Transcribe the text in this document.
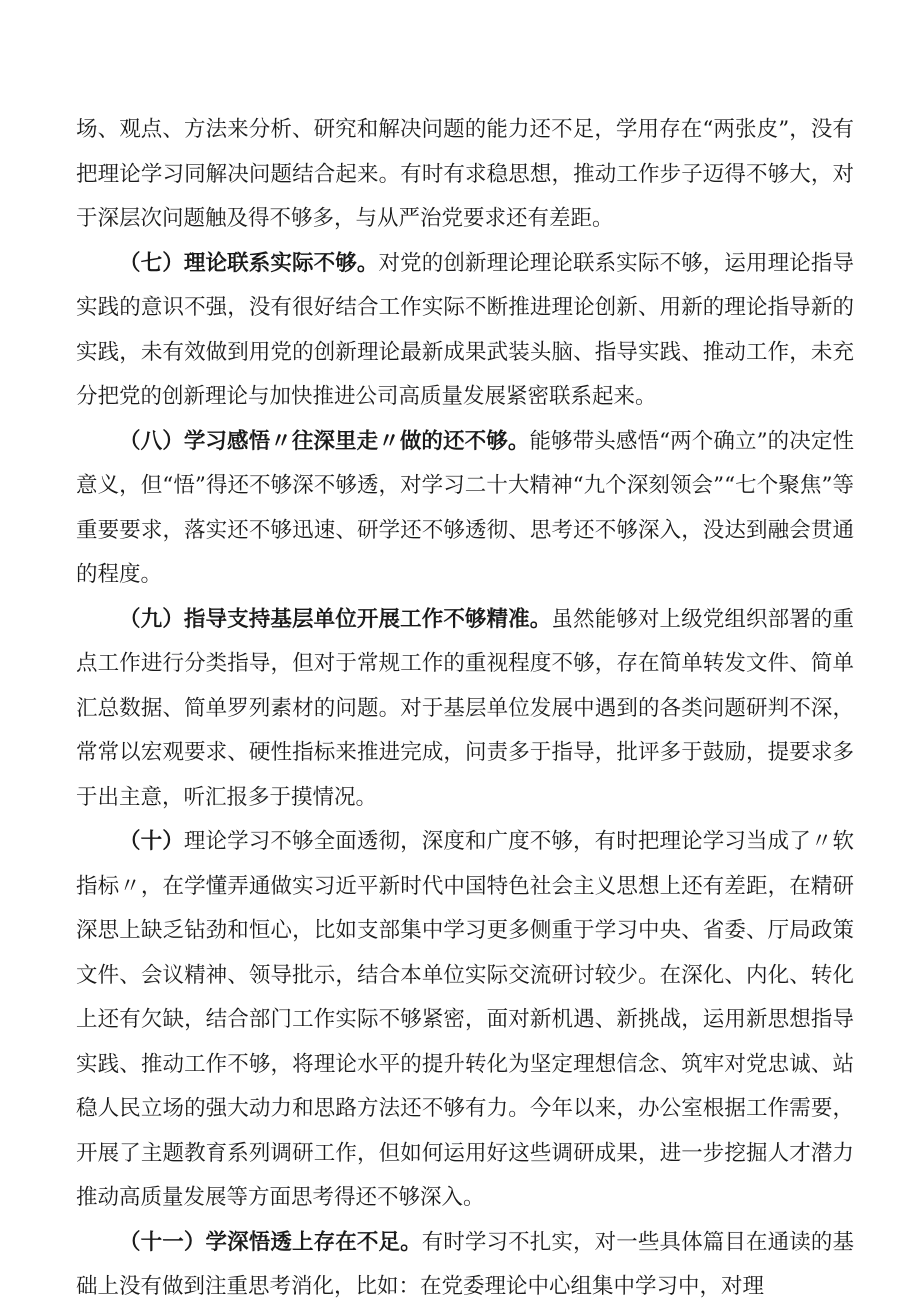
场、观点、方法来分析、研究和解决问题的能力还不足，学用存在“两张皮”，没有把理论学习同解决问题结合起来。有时有求稳思想，推动工作步子迈得不够大，对于深层次问题触及得不够多，与从严治党要求还有差距。

（七）理论联系实际不够。对党的创新理论理论联系实际不够，运用理论指导实践的意识不强，没有很好结合工作实际不断推进理论创新、用新的理论指导新的实践，未有效做到用党的创新理论最新成果武装头脑、指导实践、推动工作，未充分把党的创新理论与加快推进公司高质量发展紧密联系起来。

（八）学习感悟〃往深里走〃做的还不够。能够带头感悟“两个确立”的决定性意义，但“悟”得还不够深不够透，对学习二十大精神“九个深刻领会”“七个聚焦”等重要要求，落实还不够迅速、研学还不够透彻、思考还不够深入，没达到融会贯通的程度。

（九）指导支持基层单位开展工作不够精准。虽然能够对上级党组织部署的重点工作进行分类指导，但对于常规工作的重视程度不够，存在简单转发文件、简单汇总数据、简单罗列素材的问题。对于基层单位发展中遇到的各类问题研判不深，常常以宏观要求、硬性指标来推进完成，问责多于指导，批评多于鼓励，提要求多于出主意，听汇报多于摸情况。

（十）理论学习不够全面透彻，深度和广度不够，有时把理论学习当成了〃软指标〃，在学懂弄通做实习近平新时代中国特色社会主义思想上还有差距，在精研深思上缺乏钻劲和恒心，比如支部集中学习更多侧重于学习中央、省委、厅局政策文件、会议精神、领导批示，结合本单位实际交流研讨较少。在深化、内化、转化上还有欠缺，结合部门工作实际不够紧密，面对新机遇、新挑战，运用新思想指导实践、推动工作不够，将理论水平的提升转化为坚定理想信念、筑牢对党忠诚、站稳人民立场的强大动力和思路方法还不够有力。今年以来，办公室根据工作需要，开展了主题教育系列调研工作，但如何运用好这些调研成果，进一步挖掘人才潜力推动高质量发展等方面思考得还不够深入。

（十一）学深悟透上存在不足。有时学习不扎实，对一些具体篇目在通读的基础上没有做到注重思考消化，比如：在党委理论中心组集中学习中，对理
